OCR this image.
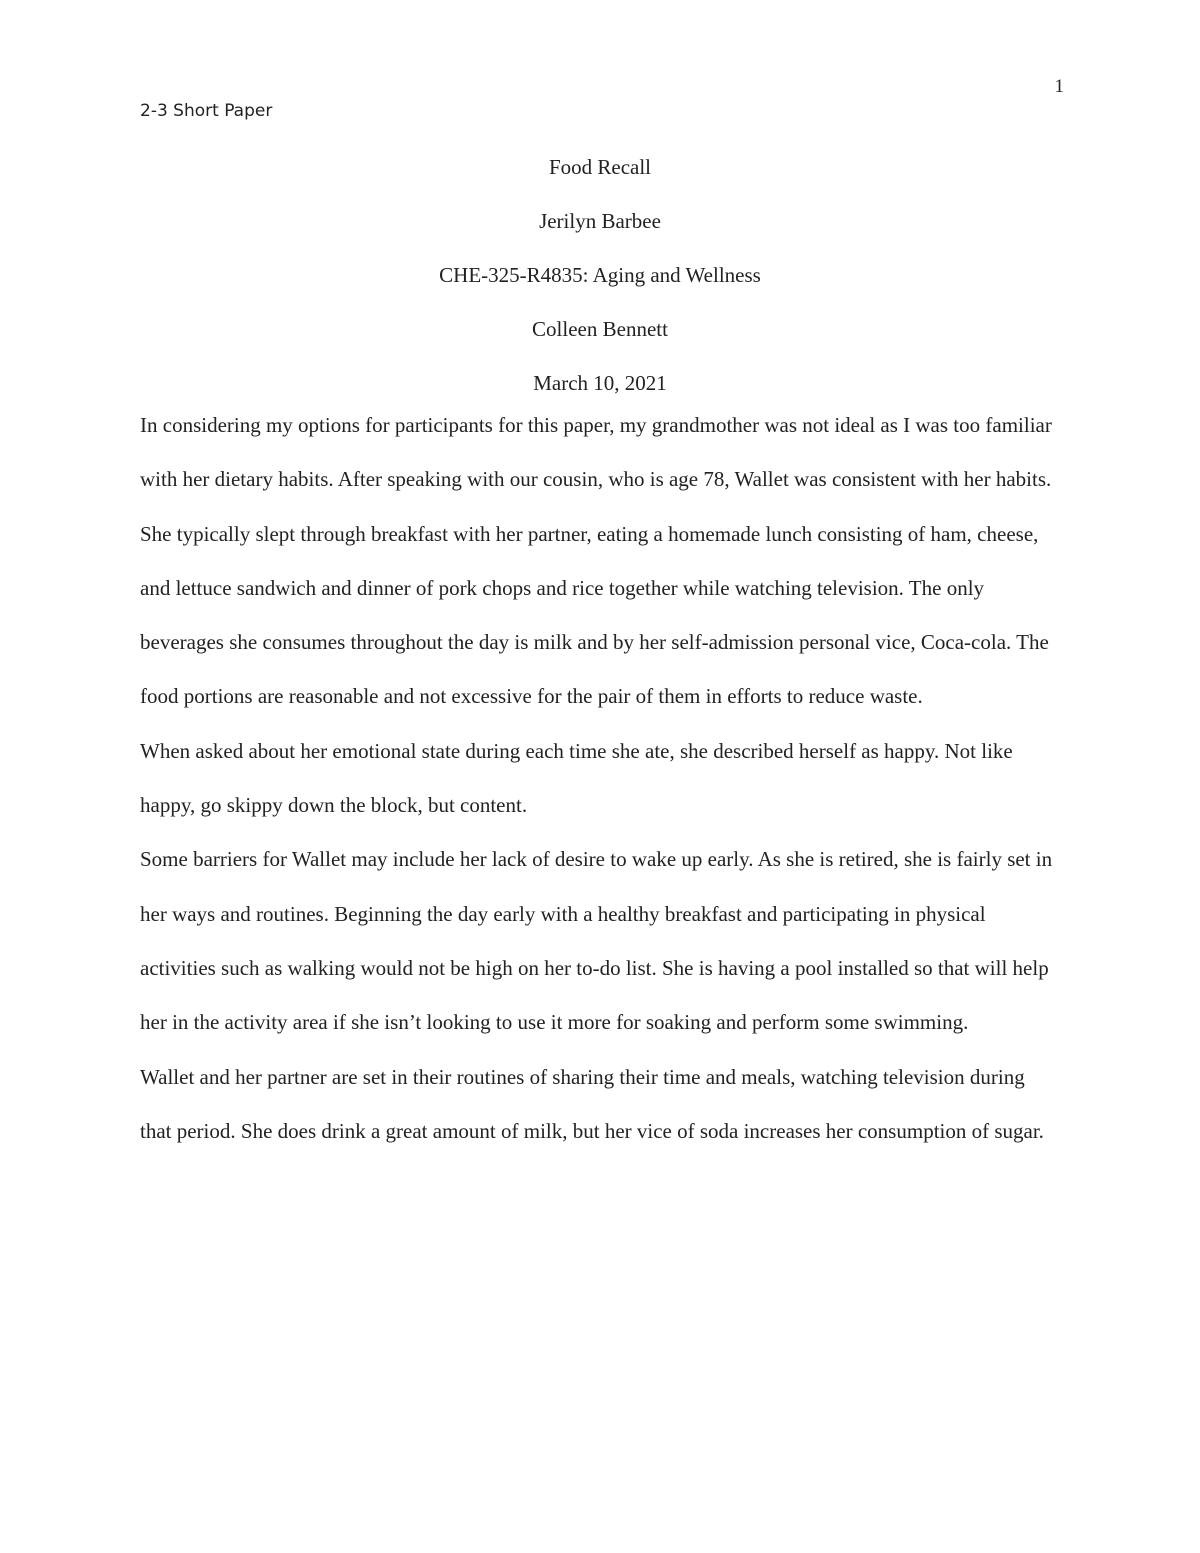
1
2-3 Short Paper
Food Recall
Jerilyn Barbee
CHE-325-R4835: Aging and Wellness
Colleen Bennett
March 10, 2021

In considering my options for participants for this paper, my grandmother was not ideal as I was too familiar with her dietary habits. After speaking with our cousin, who is age 78, Wallet was consistent with her habits. She typically slept through breakfast with her partner, eating a homemade lunch consisting of ham, cheese, and lettuce sandwich and dinner of pork chops and rice together while watching television. The only beverages she consumes throughout the day is milk and by her self-admission personal vice, Coca-cola. The food portions are reasonable and not excessive for the pair of them in efforts to reduce waste.

When asked about her emotional state during each time she ate, she described herself as happy. Not like happy, go skippy down the block, but content.

Some barriers for Wallet may include her lack of desire to wake up early. As she is retired, she is fairly set in her ways and routines. Beginning the day early with a healthy breakfast and participating in physical activities such as walking would not be high on her to-do list. She is having a pool installed so that will help her in the activity area if she isn’t looking to use it more for soaking and perform some swimming.

Wallet and her partner are set in their routines of sharing their time and meals, watching television during that period. She does drink a great amount of milk, but her vice of soda increases her consumption of sugar.
